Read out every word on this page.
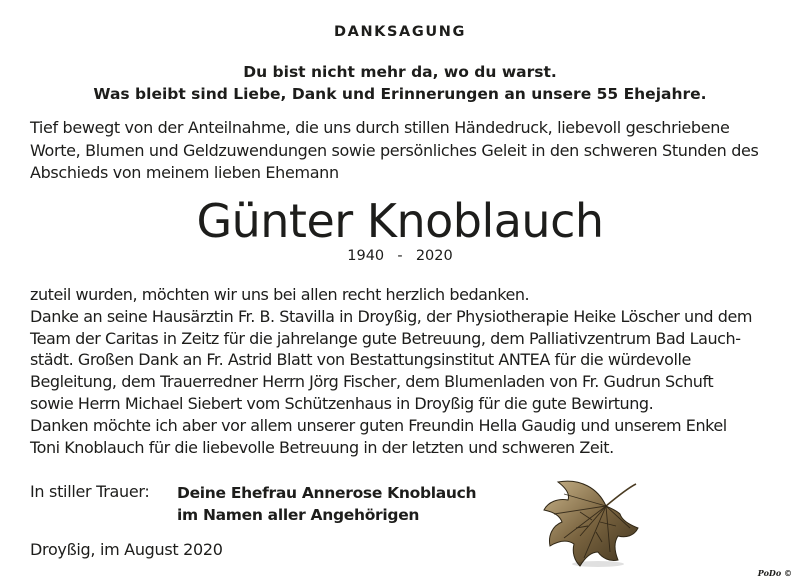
DANKSAGUNG
Du bist nicht mehr da, wo du warst.
Was bleibt sind Liebe, Dank und Erinnerungen an unsere 55 Ehejahre.
Tief bewegt von der Anteilnahme, die uns durch stillen Händedruck, liebevoll geschriebene
Worte, Blumen und Geldzuwendungen sowie persönliches Geleit in den schweren Stunden des
Abschieds von meinem lieben Ehemann
Günter Knoblauch
1940  -  2020
zuteil wurden, möchten wir uns bei allen recht herzlich bedanken.
Danke an seine Hausärztin Fr. B. Stavilla in Droyßig, der Physiotherapie Heike Löscher und dem
Team der Caritas in Zeitz für die jahrelange gute Betreuung, dem Palliativzentrum Bad Lauch-
städt. Großen Dank an Fr. Astrid Blatt von Bestattungsinstitut ANTEA für die würdevolle
Begleitung, dem Trauerredner Herrn Jörg Fischer, dem Blumenladen von Fr. Gudrun Schuft
sowie Herrn Michael Siebert vom Schützenhaus in Droyßig für die gute Bewirtung.
Danken möchte ich aber vor allem unserer guten Freundin Hella Gaudig und unserem Enkel
Toni Knoblauch für die liebevolle Betreuung in der letzten und schweren Zeit.
In stiller Trauer: Deine Ehefrau Annerose Knoblauch
im Namen aller Angehörigen
Droyßig, im August 2020
PoDo ©
